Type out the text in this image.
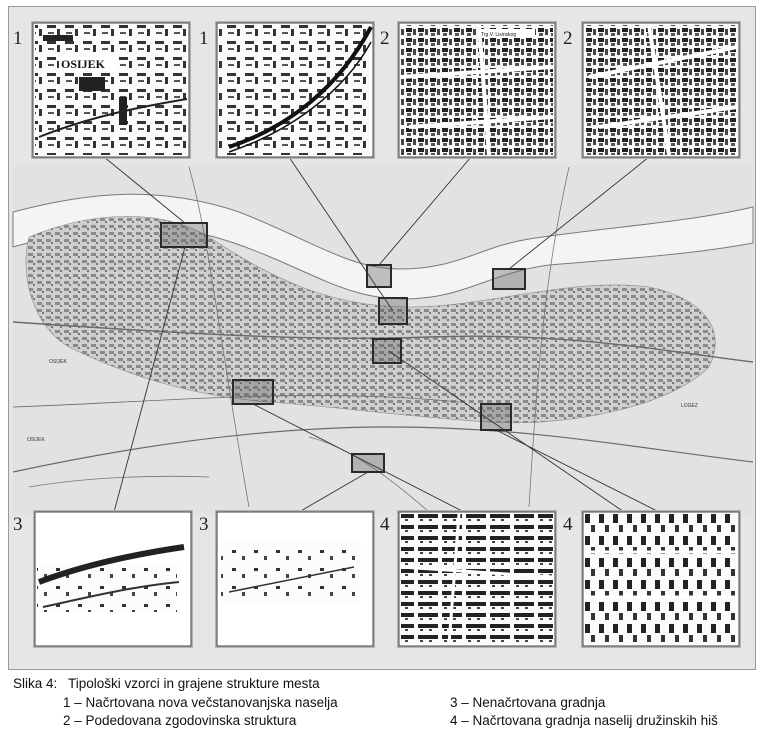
OSIJEK
OSIJEK
LOGEZ
OSIJEK
Trg V. Lisinskog
1	1	2	2
3	3	4	4
Slika 4: Tipološki vzorci in grajene strukture mesta
1 – Načrtovana nova večstanovanjska naselja
2 – Podedovana zgodovinska struktura
3 – Nenačrtovana gradnja
4 – Načrtovana gradnja naselij družinskih hiš
